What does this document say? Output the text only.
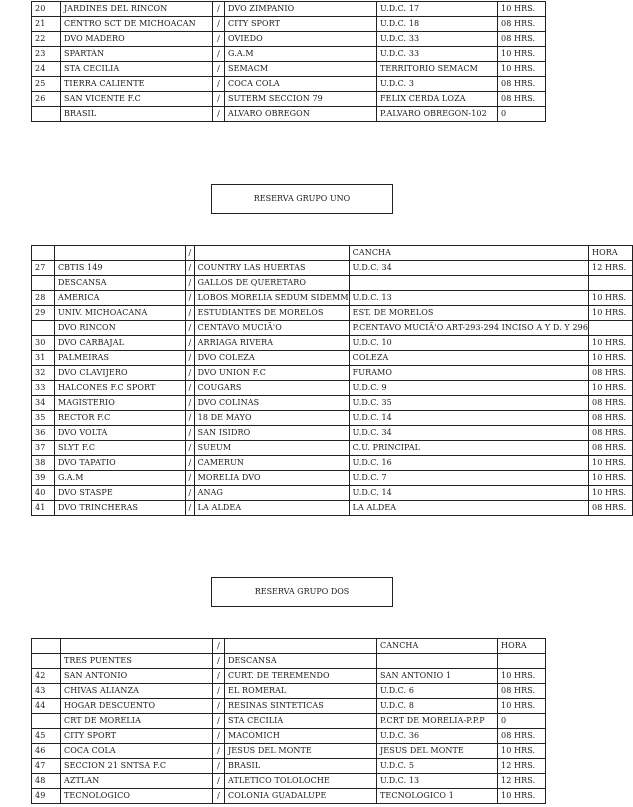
20	JARDINES DEL RINCON	/	DVO ZIMPANIO	U.D.C. 17	10 HRS.
21	CENTRO SCT DE MICHOACAN	/	CITY SPORT	U.D.C. 18	08 HRS.
22	DVO MADERO	/	OVIEDO	U.D.C. 33	08 HRS.
23	SPARTAN	/	G.A.M	U.D.C. 33	10 HRS.
24	STA CECILIA	/	SEMACM	TERRITORIO SEMACM	10 HRS.
25	TIERRA CALIENTE	/	COCA COLA	U.D.C. 3	08 HRS.
26	SAN VICENTE F.C	/	SUTERM SECCION 79	FELIX CERDA LOZA	08 HRS.
	BRASIL	/	ALVARO OBREGON	P.ALVARO OBREGON-102	0
RESERVA GRUPO UNO
		/		CANCHA	HORA
27	CBTIS 149	/	COUNTRY LAS HUERTAS	U.D.C. 34	12 HRS.
	DESCANSA	/	GALLOS DE QUERETARO		
28	AMERICA	/	LOBOS MORELIA SEDUM SIDEMM	U.D.C. 13	10 HRS.
29	UNIV. MICHOACANA	/	ESTUDIANTES DE MORELOS	EST. DE MORELOS	10 HRS.
	DVO RINCON	/	CENTAVO MUCIÃ'O	P.CENTAVO MUCIÃ'O ART-293-294 INCISO A Y D. Y 296	
30	DVO CARBAJAL	/	ARRIAGA RIVERA	U.D.C. 10	10 HRS.
31	PALMEIRAS	/	DVO COLEZA	COLEZA	10 HRS.
32	DVO CLAVIJERO	/	DVO UNION F.C	FURAMO	08 HRS.
33	HALCONES F.C SPORT	/	COUGARS	U.D.C. 9	10 HRS.
34	MAGISTERIO	/	DVO COLINAS	U.D.C. 35	08 HRS.
35	RECTOR F.C	/	18 DE MAYO	U.D.C. 14	08 HRS.
36	DVO VOLTA	/	SAN ISIDRO	U.D.C. 34	08 HRS.
37	SLYT F.C	/	SUEUM	C.U. PRINCIPAL	08 HRS.
38	DVO TAPATIO	/	CAMERUN	U.D.C. 16	10 HRS.
39	G.A.M	/	MORELIA DVO	U.D.C. 7	10 HRS.
40	DVO STASPE	/	ANAG	U.D.C. 14	10 HRS.
41	DVO TRINCHERAS	/	LA ALDEA	LA ALDEA	08 HRS.
RESERVA GRUPO DOS
		/		CANCHA	HORA
	TRES PUENTES	/	DESCANSA		
42	SAN ANTONIO	/	CURT. DE TEREMENDO	SAN ANTONIO 1	10 HRS.
43	CHIVAS ALIANZA	/	EL ROMERAL	U.D.C. 6	08 HRS.
44	HOGAR DESCUENTO	/	RESINAS SINTETICAS	U.D.C. 8	10 HRS.
	CRT DE MORELIA	/	STA CECILIA	P.CRT DE MORELIA-P.P.P	0
45	CITY SPORT	/	MACOMICH	U.D.C. 36	08 HRS.
46	COCA COLA	/	JESUS DEL MONTE	JESUS DEL MONTE	10 HRS.
47	SECCION 21 SNTSA F.C	/	BRASIL	U.D.C. 5	12 HRS.
48	AZTLAN	/	ATLETICO TOLOLOCHE	U.D.C. 13	12 HRS.
49	TECNOLOGICO	/	COLONIA GUADALUPE	TECNOLOGICO 1	10 HRS.
